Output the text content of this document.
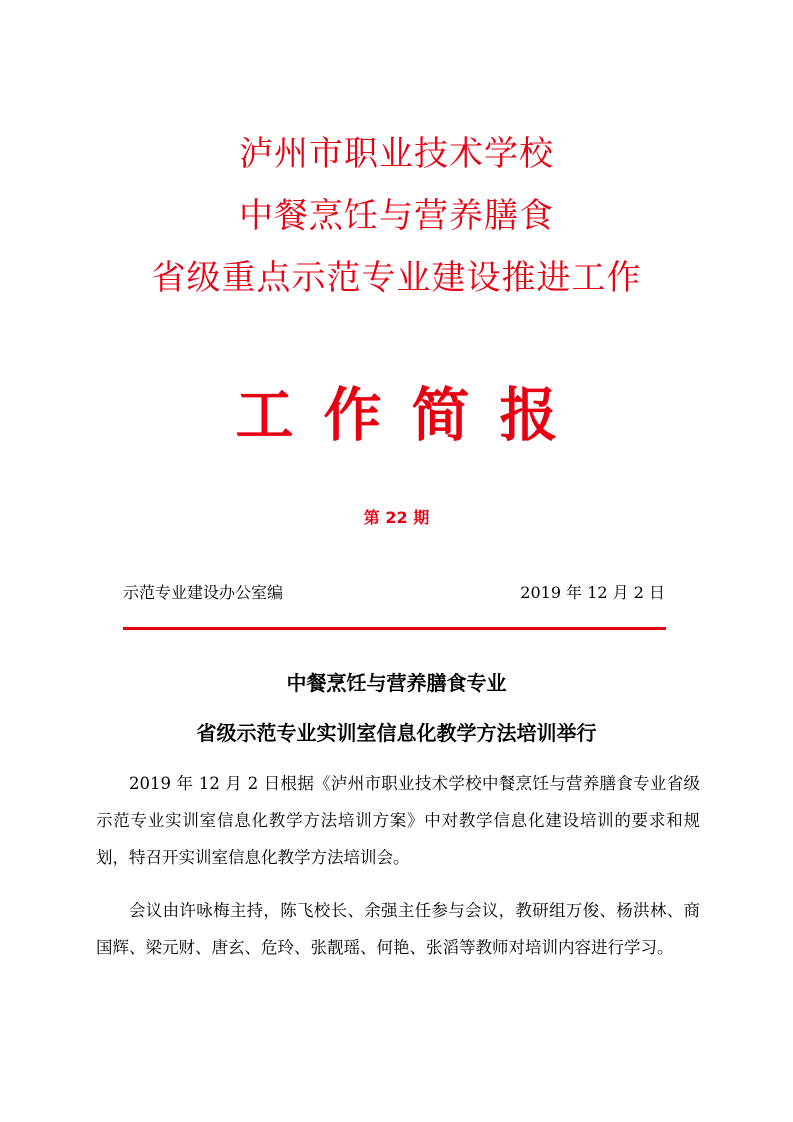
泸州市职业技术学校
中餐烹饪与营养膳食
省级重点示范专业建设推进工作
工作简报
第 22 期
示范专业建设办公室编	2019 年 12 月 2 日
中餐烹饪与营养膳食专业
省级示范专业实训室信息化教学方法培训举行

2019 年 12 月 2 日根据《泸州市职业技术学校中餐烹饪与营养膳食专业省级示范专业实训室信息化教学方法培训方案》中对教学信息化建设培训的要求和规划，特召开实训室信息化教学方法培训会。

会议由许咏梅主持，陈飞校长、余强主任参与会议，教研组万俊、杨洪林、商国辉、梁元财、唐玄、危玲、张靓瑶、何艳、张滔等教师对培训内容进行学习。
